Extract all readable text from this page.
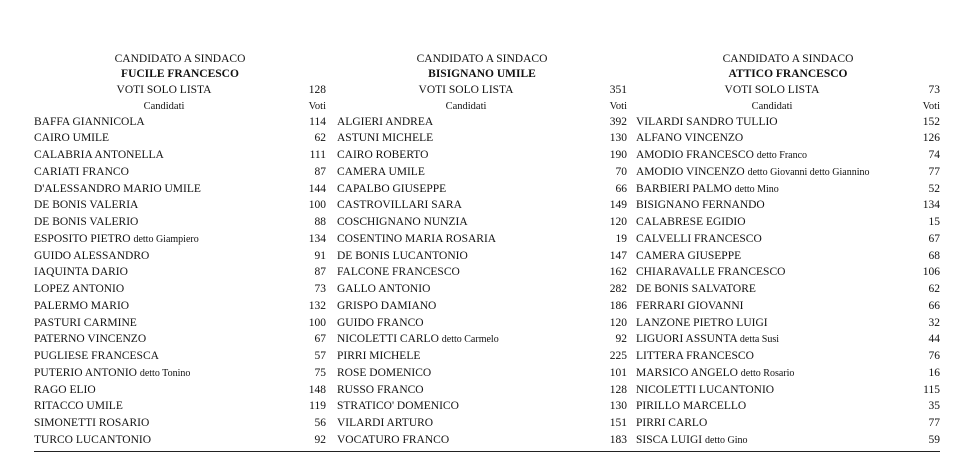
CANDIDATO A SINDACO
FUCILE FRANCESCO
VOTI SOLO LISTA	128
Candidati	Voti
BAFFA GIANNICOLA	114
CAIRO UMILE	62
CALABRIA ANTONELLA	111
CARIATI FRANCO	87
D'ALESSANDRO MARIO UMILE	144
DE BONIS VALERIA	100
DE BONIS VALERIO	88
ESPOSITO PIETRO detto Giampiero	134
GUIDO ALESSANDRO	91
IAQUINTA DARIO	87
LOPEZ ANTONIO	73
PALERMO MARIO	132
PASTURI CARMINE	100
PATERNO VINCENZO	67
PUGLIESE FRANCESCA	57
PUTERIO ANTONIO detto Tonino	75
RAGO ELIO	148
RITACCO UMILE	119
SIMONETTI ROSARIO	56
TURCO LUCANTONIO	92
CANDIDATO A SINDACO
BISIGNANO UMILE
VOTI SOLO LISTA	351
Candidati	Voti
ALGIERI ANDREA	392
ASTUNI MICHELE	130
CAIRO ROBERTO	190
CAMERA UMILE	70
CAPALBO GIUSEPPE	66
CASTROVILLARI SARA	149
COSCHIGNANO NUNZIA	120
COSENTINO MARIA ROSARIA	19
DE BONIS LUCANTONIO	147
FALCONE FRANCESCO	162
GALLO ANTONIO	282
GRISPO DAMIANO	186
GUIDO FRANCO	120
NICOLETTI CARLO detto Carmelo	92
PIRRI MICHELE	225
ROSE DOMENICO	101
RUSSO FRANCO	128
STRATICO' DOMENICO	130
VILARDI ARTURO	151
VOCATURO FRANCO	183
CANDIDATO A SINDACO
ATTICO FRANCESCO
VOTI SOLO LISTA	73
Candidati	Voti
VILARDI SANDRO TULLIO	152
ALFANO VINCENZO	126
AMODIO FRANCESCO detto Franco	74
AMODIO VINCENZO detto Giovanni detto Giannino	77
BARBIERI PALMO detto Mino	52
BISIGNANO FERNANDO	134
CALABRESE EGIDIO	15
CALVELLI FRANCESCO	67
CAMERA GIUSEPPE	68
CHIARAVALLE FRANCESCO	106
DE BONIS SALVATORE	62
FERRARI GIOVANNI	66
LANZONE PIETRO LUIGI	32
LIGUORI ASSUNTA detta Susi	44
LITTERA FRANCESCO	76
MARSICO ANGELO detto Rosario	16
NICOLETTI LUCANTONIO	115
PIRILLO MARCELLO	35
PIRRI CARLO	77
SISCA LUIGI detto Gino	59
